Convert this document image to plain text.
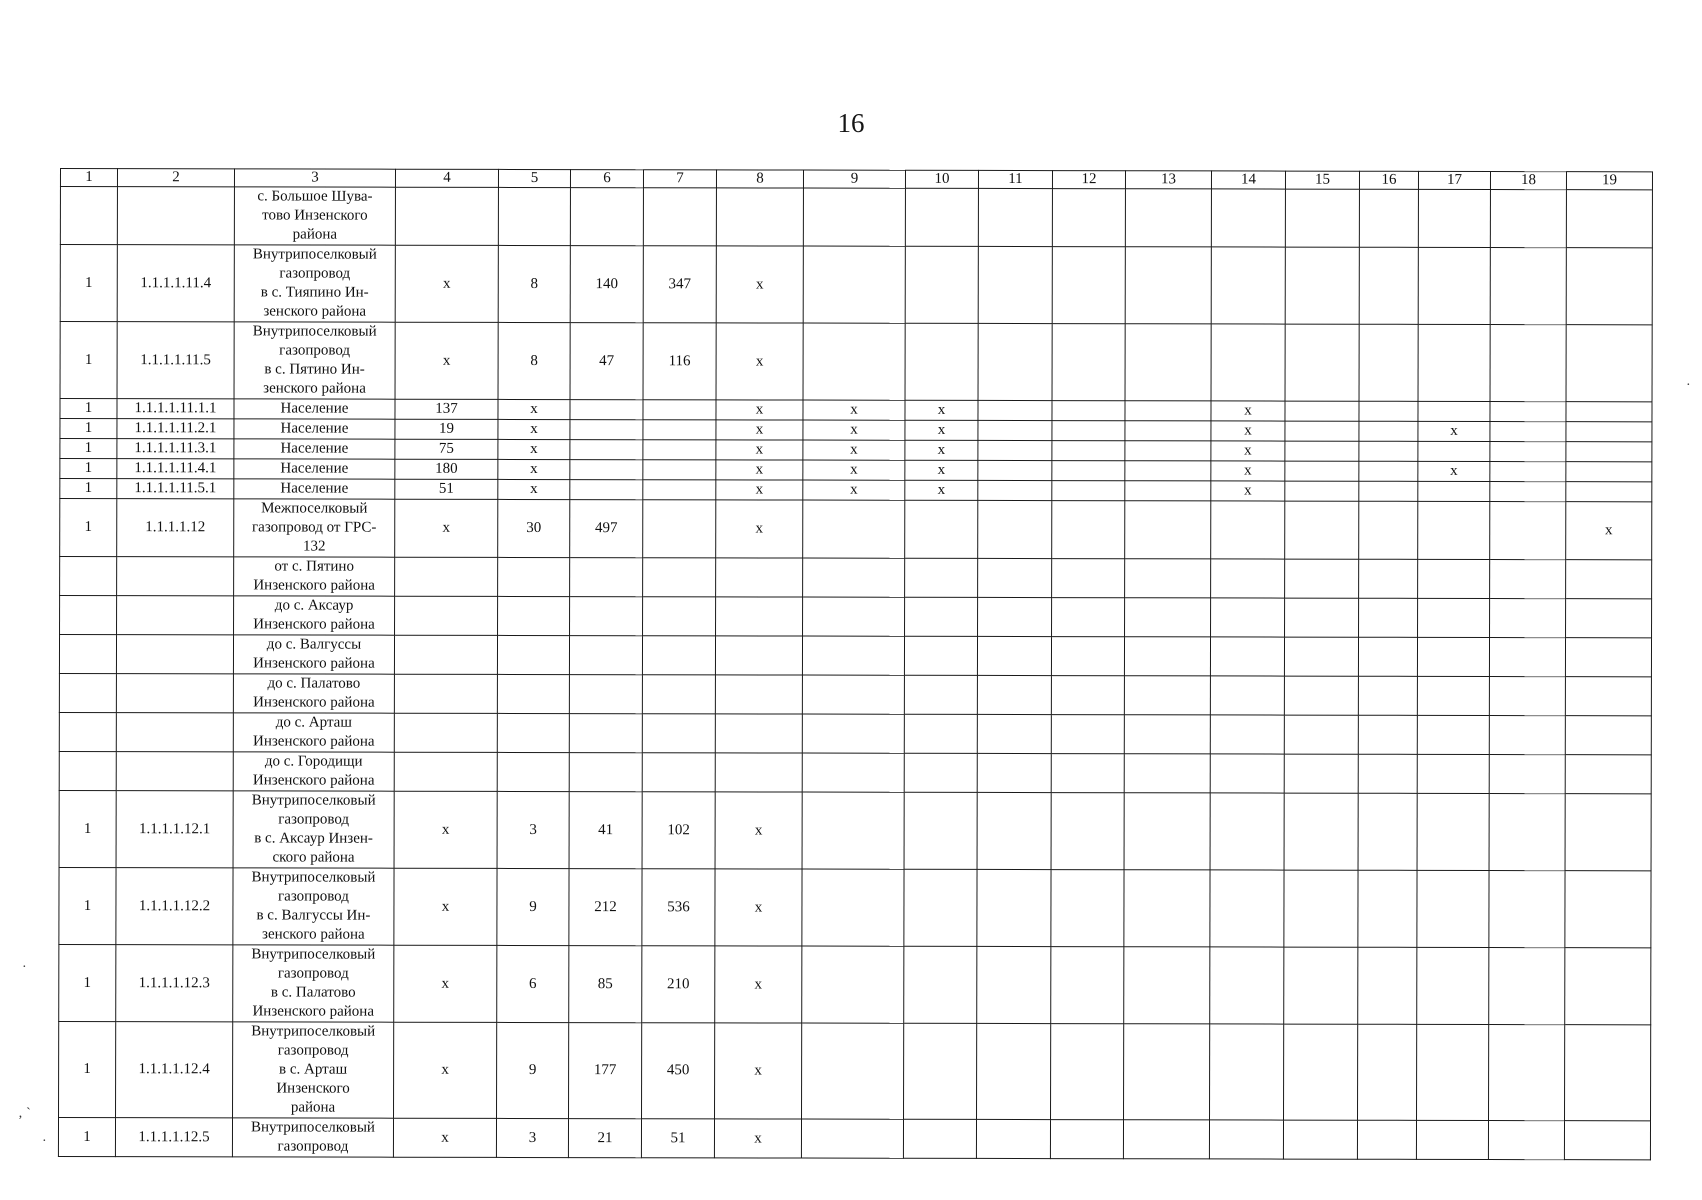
16
1	2	3	4	5	6	7	8	9	10	11	12	13	14	15	16	17	18	19
		с. Большое Шува-
тово Инзенского
района																
1	1.1.1.1.11.4	Внутрипоселковый
газопровод
в с. Тияпино Ин-
зенского района	х	8	140	347	х											
1	1.1.1.1.11.5	Внутрипоселковый
газопровод
в с. Пятино Ин-
зенского района	х	8	47	116	х											
1	1.1.1.1.11.1.1	Население	137	х			х	х	х				х					
1	1.1.1.1.11.2.1	Население	19	х			х	х	х				х			х		
1	1.1.1.1.11.3.1	Население	75	х			х	х	х				х					
1	1.1.1.1.11.4.1	Население	180	х			х	х	х				х			х		
1	1.1.1.1.11.5.1	Население	51	х			х	х	х				х					
1	1.1.1.1.12	Межпоселковый
газопровод от ГРС-
132	х	30	497		х											х
		от с. Пятино
Инзенского района																
		до с. Аксаур
Инзенского района																
		до с. Валгуссы
Инзенского района																
		до с. Палатово
Инзенского района																
		до с. Арташ
Инзенского района																
		до с. Городищи
Инзенского района																
1	1.1.1.1.12.1	Внутрипоселковый
газопровод
в с. Аксаур Инзен-
ского района	х	3	41	102	х											
1	1.1.1.1.12.2	Внутрипоселковый
газопровод
в с. Валгуссы Ин-
зенского района	х	9	212	536	х											
1	1.1.1.1.12.3	Внутрипоселковый
газопровод
в с. Палатово
Инзенского района	х	6	85	210	х											
1	1.1.1.1.12.4	Внутрипоселковый
газопровод
в с. Арташ
Инзенского
района	х	9	177	450	х											
1	1.1.1.1.12.5	Внутрипоселковый
газопровод	х	3	21	51	х											
·
·
‚ ˋ
·
